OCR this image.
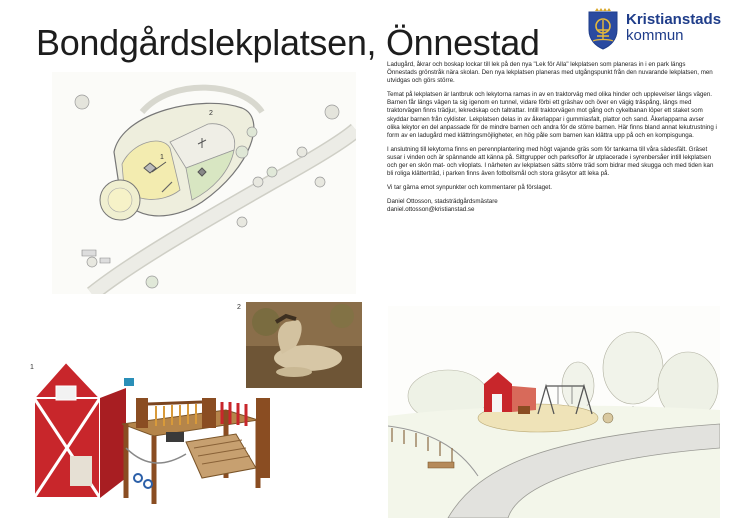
Bondgårdslekplatsen, Önnestad
Kristianstads
kommun

Ladugård, åkrar och boskap lockar till lek på den nya "Lek för Alla" lekplatsen som planeras in i en park längs Önnestads grönstråk nära skolan. Den nya lekplatsen planeras med utgångspunkt från den nuvarande lekplatsen, men utvidgas och görs större.

Temat på lekplatsen är lantbruk och lekytorna ramas in av en traktorväg med olika hinder och upplevelser längs vägen. Barnen får längs vägen ta sig igenom en tunnel, vidare förbi ett gräshav och över en vägig träspång, längs med traktorvägen finns trädjur, lekredskap och taltrattar. Intill traktorvägen mot gång och cykelbanan löper ett staket som skyddar barnen från cyklister. Lekplatsen delas in av åkerlappar i gummiasfalt, plattor och sand. Åkerlapparna avser olika lekytor en del anpassade för de mindre barnen och andra för de större barnen. Här finns bland annat lekutrustning i form av en ladugård med klättringsmöjligheter, en hög påle som barnen kan klättra upp på och en kompisgunga.

I anslutning till lekytorna finns en perennplantering med högt vajande gräs som för tankarna till våra sädesfält. Gräset susar i vinden och är spännande att känna på. Sittgrupper och parksoffor är utplacerade i syrenbersåer intill lekplatsen och ger en skön mat- och viloplats. I närheten av lekplatsen sätts större träd som bidrar med skugga och med tiden kan bli roliga klätterträd, i parken finns även fotbollsmål och stora gräsytor att leka på.

Vi tar gärna emot synpunkter och kommentarer på förslaget.

Daniel Ottosson, stadsträdgårdsmästare

daniel.ottosson@kristianstad.se

1
2
2
1
